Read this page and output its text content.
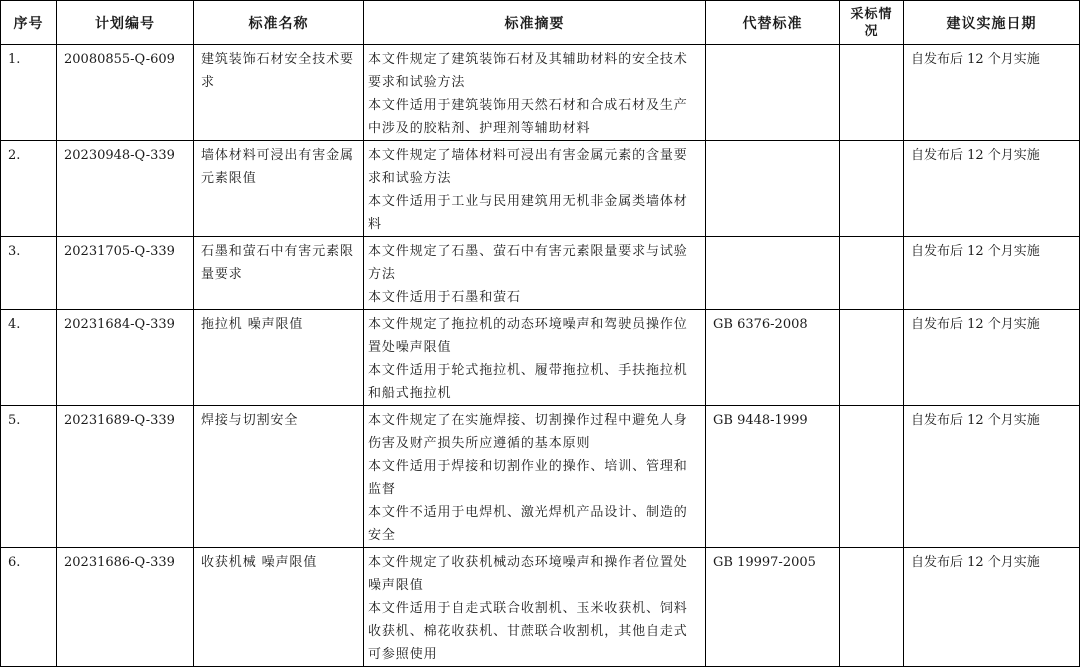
序号	计划编号	标准名称	标准摘要	代替标准	采标情况	建议实施日期

1.	20080855-Q-609	建筑装饰石材安全技术要求	本文件规定了建筑装饰石材及其辅助材料的安全技术要求和试验方法
本文件适用于建筑装饰用天然石材和合成石材及生产中涉及的胶粘剂、护理剂等辅助材料			自发布后 12 个月实施

2.	20230948-Q-339	墙体材料可浸出有害金属元素限值	本文件规定了墙体材料可浸出有害金属元素的含量要求和试验方法
本文件适用于工业与民用建筑用无机非金属类墙体材料			自发布后 12 个月实施

3.	20231705-Q-339	石墨和萤石中有害元素限量要求	本文件规定了石墨、萤石中有害元素限量要求与试验方法
本文件适用于石墨和萤石			自发布后 12 个月实施

4.	20231684-Q-339	拖拉机 噪声限值	本文件规定了拖拉机的动态环境噪声和驾驶员操作位置处噪声限值
本文件适用于轮式拖拉机、履带拖拉机、手扶拖拉机和船式拖拉机	GB 6376-2008		自发布后 12 个月实施

5.	20231689-Q-339	焊接与切割安全	本文件规定了在实施焊接、切割操作过程中避免人身伤害及财产损失所应遵循的基本原则
本文件适用于焊接和切割作业的操作、培训、管理和监督
本文件不适用于电焊机、激光焊机产品设计、制造的安全	GB 9448-1999		自发布后 12 个月实施

6.	20231686-Q-339	收获机械 噪声限值	本文件规定了收获机械动态环境噪声和操作者位置处噪声限值
本文件适用于自走式联合收割机、玉米收获机、饲料收获机、棉花收获机、甘蔗联合收割机，其他自走式可参照使用	GB 19997-2005		自发布后 12 个月实施
